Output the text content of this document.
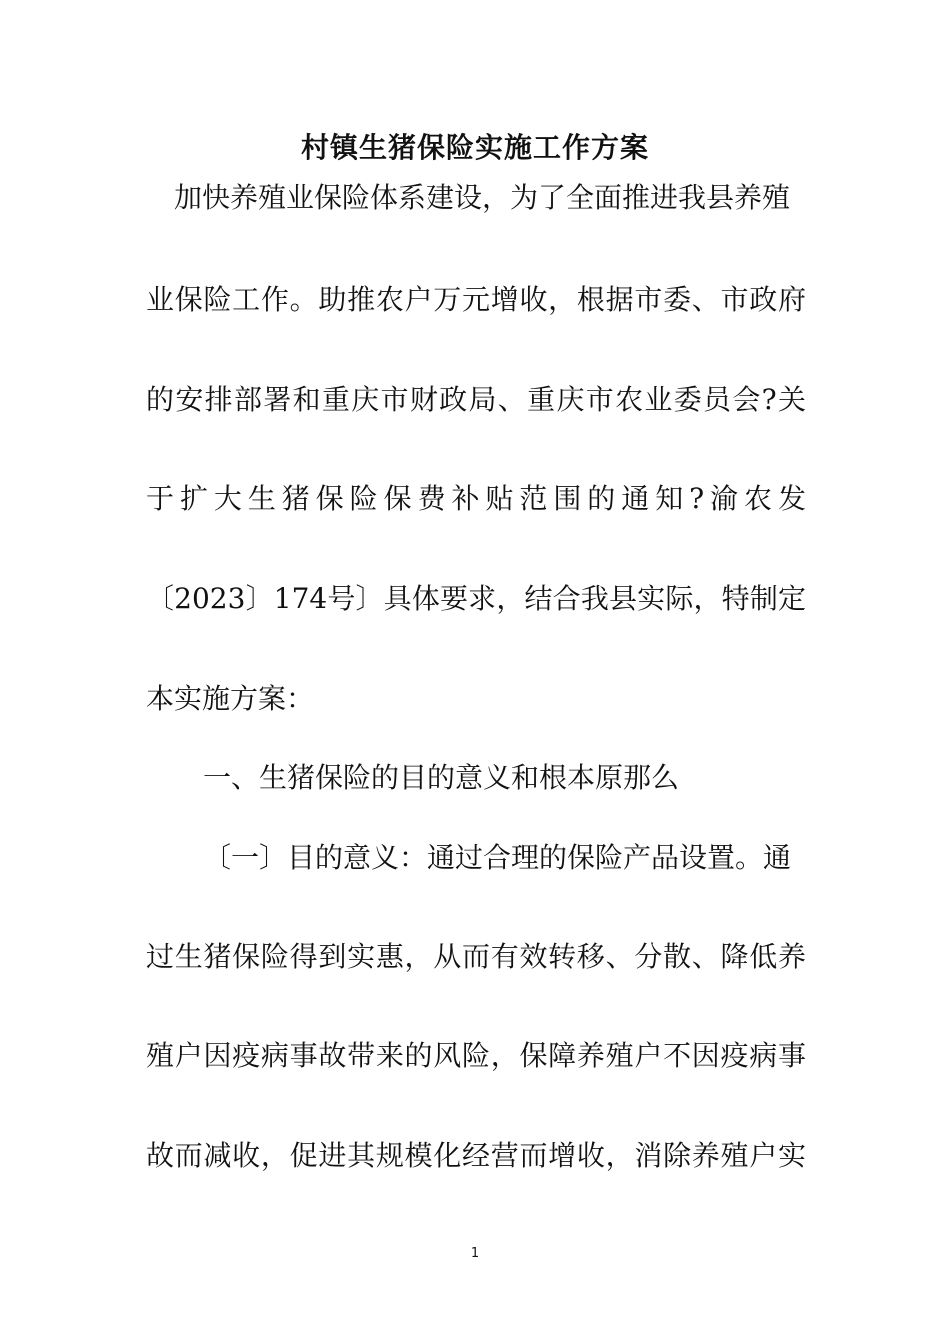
村镇生猪保险实施工作方案

加快养殖业保险体系建设，为了全面推进我县养殖

业保险工作。助推农户万元增收，根据市委、市政府

的安排部署和重庆市财政局、重庆市农业委员会?关

于扩大生猪保险保费补贴范围的通知?渝农发

〔2023〕174号〕具体要求，结合我县实际，特制定

本实施方案：

一、生猪保险的目的意义和根本原那么

〔一〕目的意义：通过合理的保险产品设置。通

过生猪保险得到实惠，从而有效转移、分散、降低养

殖户因疫病事故带来的风险，保障养殖户不因疫病事

故而减收，促进其规模化经营而增收，消除养殖户实

1
